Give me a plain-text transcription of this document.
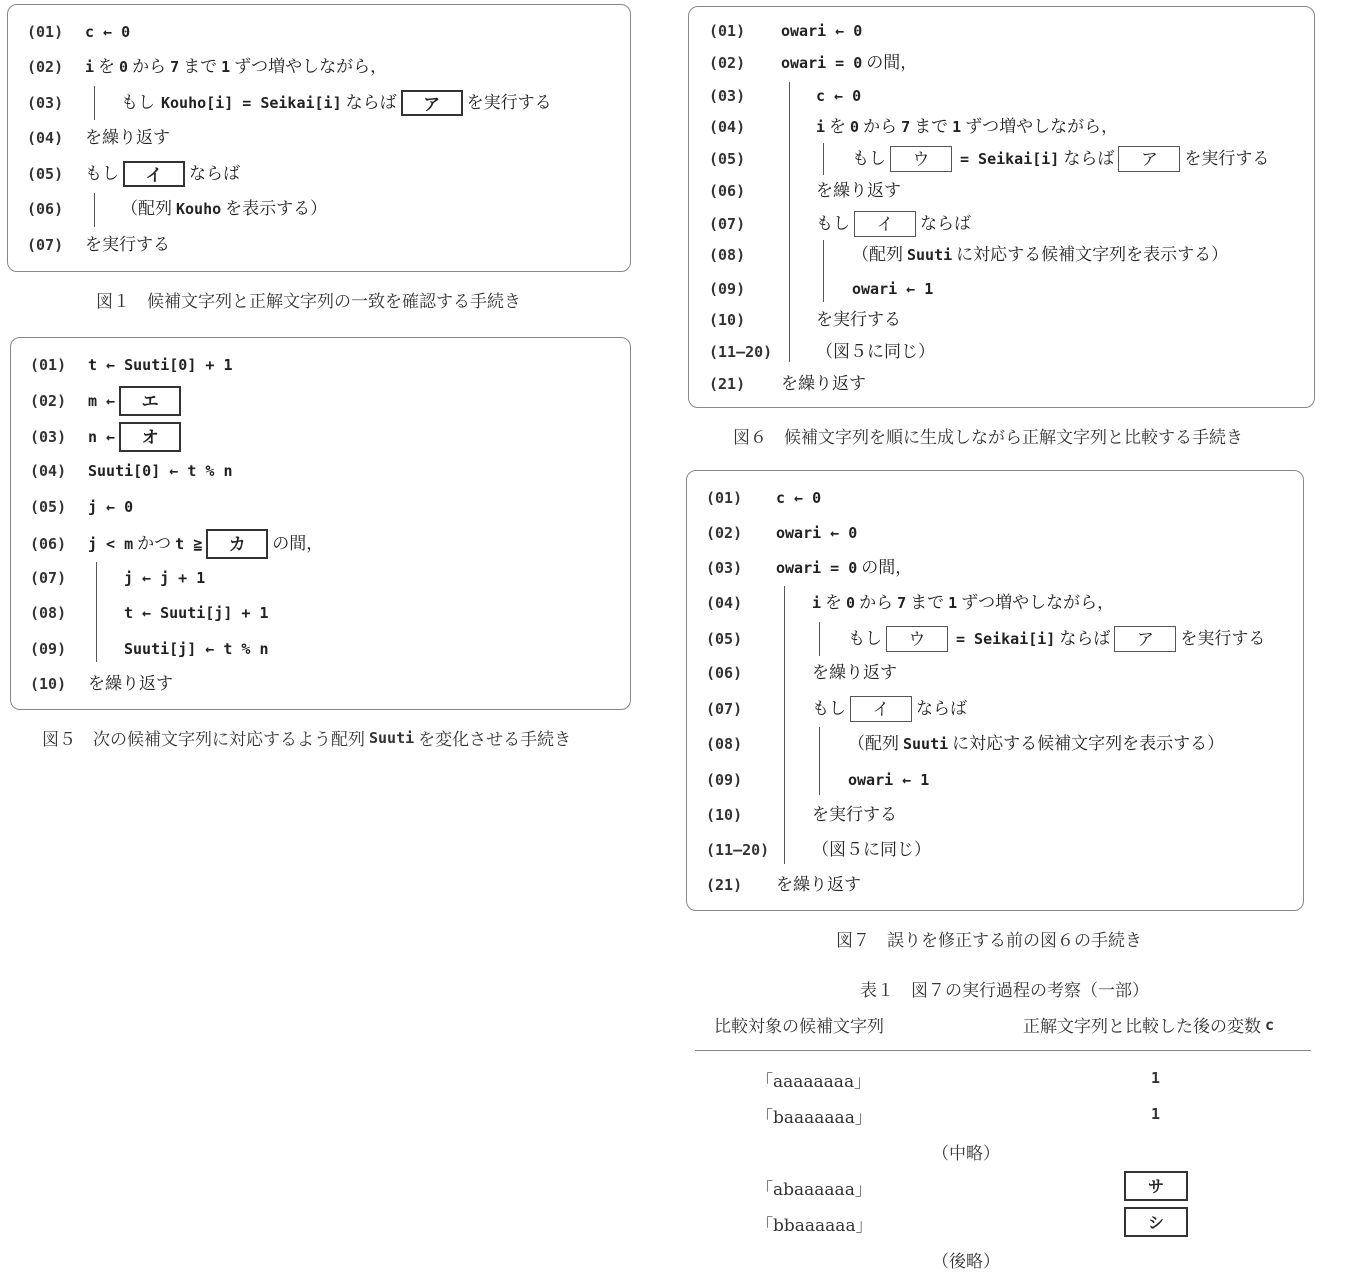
(01)	c ← 0
(02)	i を 0 から 7 まで 1 ずつ増やしながら，
(03)	もし Kouho[i] = Seikai[i] ならば	ア	を実行する
(04)	を繰り返す
(05)	もし	イ	ならば
(06)	（配列 Kouho を表示する）
(07)	を実行する
図１　候補文字列と正解文字列の一致を確認する手続き
(01)	t ← Suuti[0] + 1
(02)	m ←	エ
(03)	n ←	オ
(04)	Suuti[0] ← t % n
(05)	j ← 0
(06)	j < m かつ t ≧	カ	の間，
(07)	j ← j + 1
(08)	t ← Suuti[j] + 1
(09)	Suuti[j] ← t % n
(10)	を繰り返す
図５　次の候補文字列に対応するよう配列 Suuti を変化させる手続き
(01)	owari ← 0
(02)	owari = 0 の間，
(03)	c ← 0
(04)	i を 0 から 7 まで 1 ずつ増やしながら，
(05)	もし	ウ	= Seikai[i] ならば	ア	を実行する
(06)	を繰り返す
(07)	もし	イ	ならば
(08)	（配列 Suuti に対応する候補文字列を表示する）
(09)	owari ← 1
(10)	を実行する
(11–20)	（図５に同じ）
(21)	を繰り返す
図６　候補文字列を順に生成しながら正解文字列と比較する手続き
(01)	c ← 0
(02)	owari ← 0
(03)	owari = 0 の間，
(04)	i を 0 から 7 まで 1 ずつ増やしながら，
(05)	もし	ウ	= Seikai[i] ならば	ア	を実行する
(06)	を繰り返す
(07)	もし	イ	ならば
(08)	（配列 Suuti に対応する候補文字列を表示する）
(09)	owari ← 1
(10)	を実行する
(11–20)	（図５に同じ）
(21)	を繰り返す
図７　誤りを修正する前の図６の手続き
表１　図７の実行過程の考察（一部）
比較対象の候補文字列	正解文字列と比較した後の変数 c
「aaaaaaaa」	1
「baaaaaaa」	1
（中略）
「abaaaaaa」	サ
「bbaaaaaa」	シ
（後略）
